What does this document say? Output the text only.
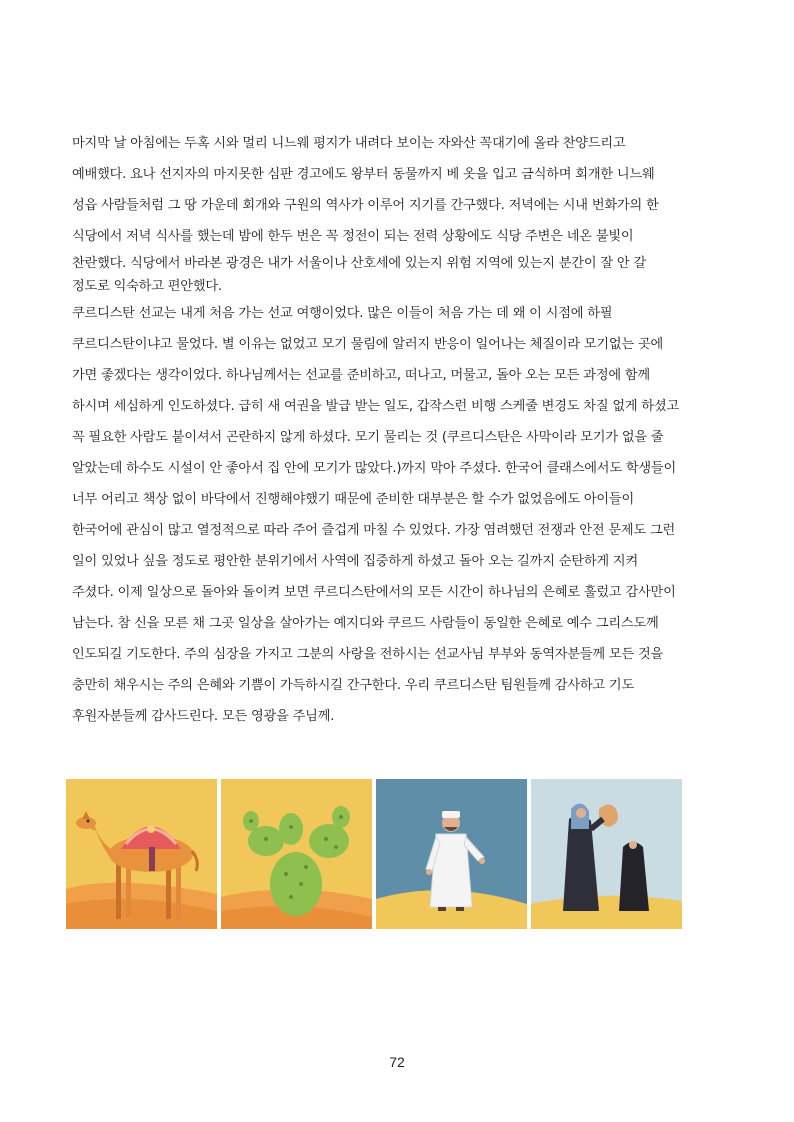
마지막 날 아침에는 두혹 시와 멀리 니느웨 평지가 내려다 보이는 자와산 꼭대기에 올라 찬양드리고
예배했다. 요나 선지자의 마지못한 심판 경고에도 왕부터 동물까지 베 옷을 입고 금식하며 회개한 니느웨
성읍 사람들처럼 그 땅 가운데 회개와 구원의 역사가 이루어 지기를 간구했다. 저녁에는 시내 번화가의 한
식당에서 저녁 식사를 했는데 밤에 한두 번은 꼭 정전이 되는 전력 상황에도 식당 주변은 네온 불빛이
찬란했다. 식당에서 바라본 광경은 내가 서울이나 산호세에 있는지 위험 지역에 있는지 분간이 잘 안 갈
정도로 익숙하고 편안했다.
쿠르디스탄 선교는 내게 처음 가는 선교 여행이었다. 많은 이들이 처음 가는 데 왜 이 시점에 하필
쿠르디스탄이냐고 물었다. 별 이유는 없었고 모기 물림에 알러지 반응이 일어나는 체질이라 모기없는 곳에
가면 좋겠다는 생각이었다. 하나님께서는 선교를 준비하고, 떠나고, 머물고, 돌아 오는 모든 과정에 함께
하시며 세심하게 인도하셨다. 급히 새 여권을 발급 받는 일도, 갑작스런 비행 스케줄 변경도 차질 없게 하셨고
꼭 필요한 사람도 붙이셔서 곤란하지 않게 하셨다. 모기 물리는 것 (쿠르디스탄은 사막이라 모기가 없을 줄
알았는데 하수도 시설이 안 좋아서 집 안에 모기가 많았다.)까지 막아 주셨다. 한국어 클래스에서도 학생들이
너무 어리고 책상 없이 바닥에서 진행해야했기 때문에 준비한 대부분은 할 수가 없었음에도 아이들이
한국어에 관심이 많고 열정적으로 따라 주어 즐겁게 마칠 수 있었다. 가장 염려했던 전쟁과 안전 문제도 그런
일이 있었나 싶을 정도로 평안한 분위기에서 사역에 집중하게 하셨고 돌아 오는 길까지 순탄하게 지켜
주셨다. 이제 일상으로 돌아와 돌이켜 보면 쿠르디스탄에서의 모든 시간이 하나님의 은혜로 훌렀고 감사만이
남는다. 참 신을 모른 채 그곳 일상을 살아가는 예지디와 쿠르드 사람들이 동일한 은혜로 예수 그리스도께
인도되길 기도한다. 주의 심장을 가지고 그분의 사랑을 전하시는 선교사님 부부와 동역자분들께 모든 것을
충만히 채우시는 주의 은혜와 기쁨이 가득하시길 간구한다. 우리 쿠르디스탄 팀원들께 감사하고 기도
후원자분들께 감사드린다. 모든 영광을 주님께.
72
